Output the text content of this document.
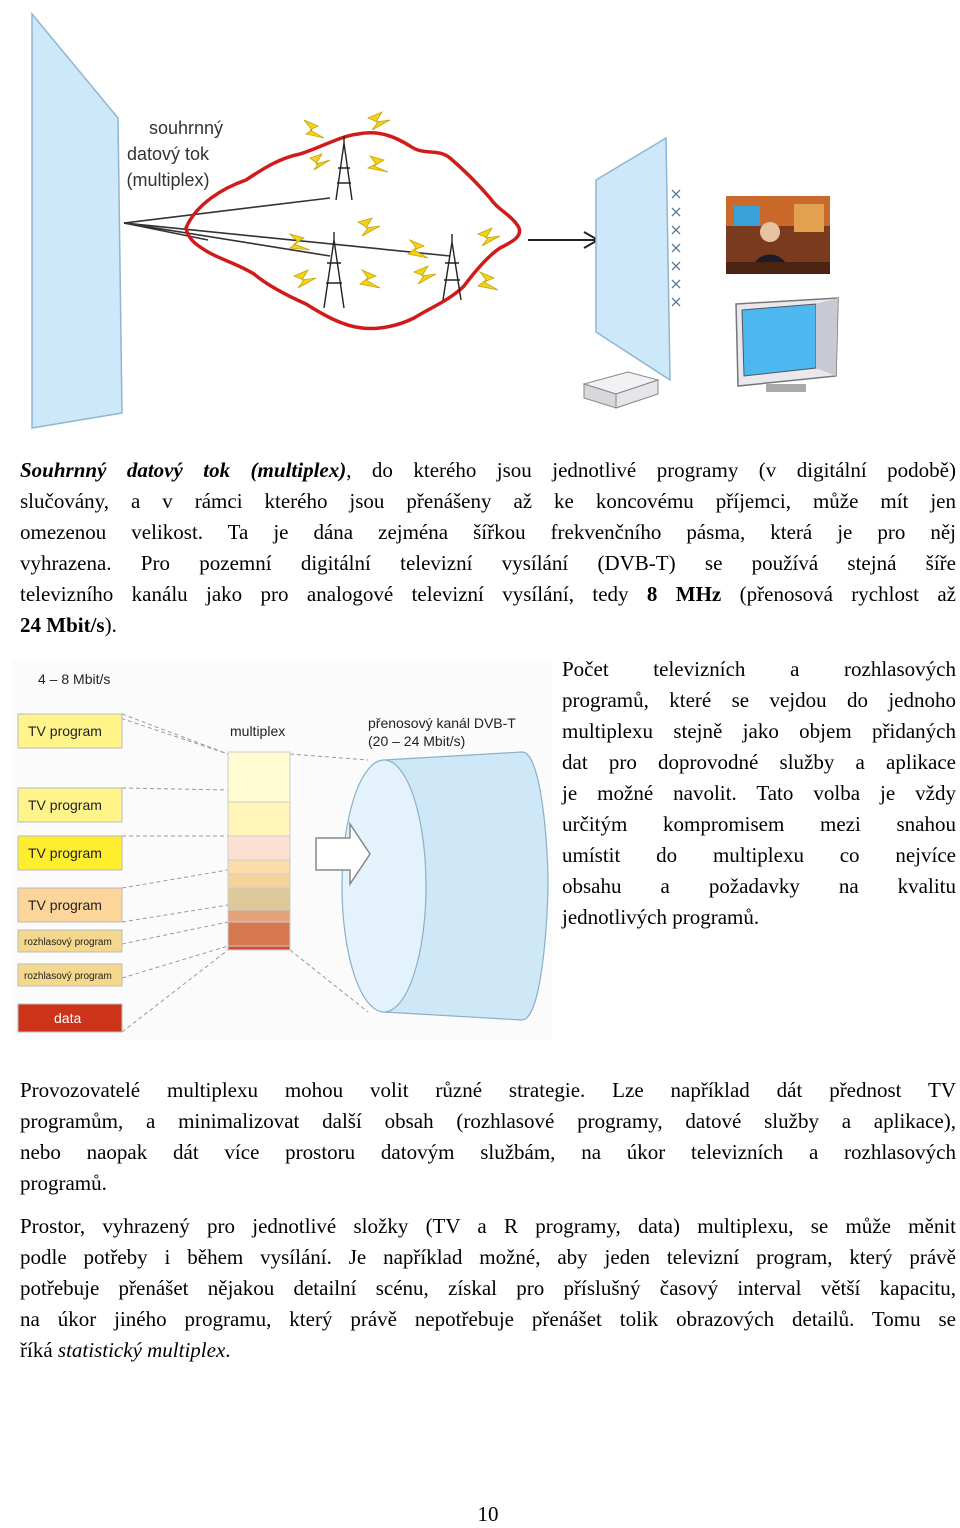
souhrnný
datový tok
(multiplex)
Souhrnný datový tok (multiplex), do kterého jsou jednotlivé programy (v digitální podobě)
slučovány, a v rámci kterého jsou přenášeny až ke koncovému příjemci, může mít jen
omezenou velikost. Ta je dána zejména šířkou frekvenčního pásma, která je pro něj
vyhrazena. Pro pozemní digitální televizní vysílání (DVB-T) se používá stejná šíře
televizního kanálu jako pro analogové televizní vysílání, tedy 8 MHz (přenosová rychlost až
24 Mbit/s).
4 – 8 Mbit/s
multiplex	přenosový kanál DVB-T
(20 – 24 Mbit/s)
TV program
TV program
TV program
TV program
rozhlasový program
rozhlasový program
data
Počet televizních a rozhlasových
programů, které se vejdou do jednoho
multiplexu stejně jako objem přidaných
dat pro doprovodné služby a aplikace
je možné navolit. Tato volba je vždy
určitým kompromisem mezi snahou
umístit do multiplexu co nejvíce
obsahu a požadavky na kvalitu
jednotlivých programů.
Provozovatelé multiplexu mohou volit různé strategie. Lze například dát přednost TV
programům, a minimalizovat další obsah (rozhlasové programy, datové služby a aplikace),
nebo naopak dát více prostoru datovým službám, na úkor televizních a rozhlasových
programů.
Prostor, vyhrazený pro jednotlivé složky (TV a R programy, data) multiplexu, se může měnit
podle potřeby i během vysílání. Je například možné, aby jeden televizní program, který právě
potřebuje přenášet nějakou detailní scénu, získal pro příslušný časový interval větší kapacitu,
na úkor jiného programu, který právě nepotřebuje přenášet tolik obrazových detailů. Tomu se
říká statistický multiplex.
10
